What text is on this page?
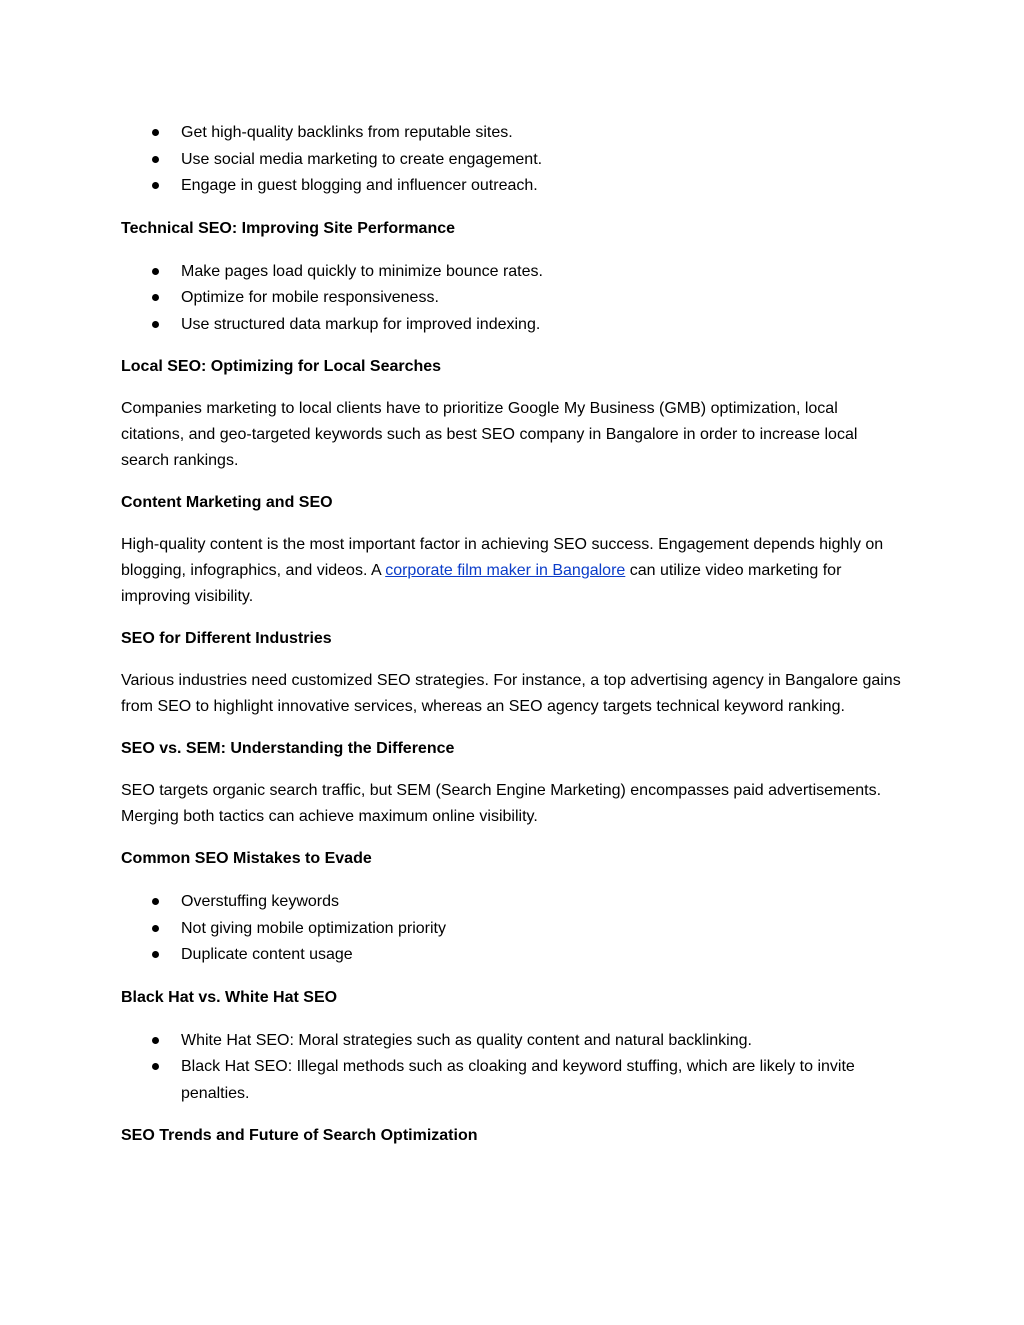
Get high-quality backlinks from reputable sites.
Use social media marketing to create engagement.
Engage in guest blogging and influencer outreach.

Technical SEO: Improving Site Performance

Make pages load quickly to minimize bounce rates.
Optimize for mobile responsiveness.
Use structured data markup for improved indexing.

Local SEO: Optimizing for Local Searches

Companies marketing to local clients have to prioritize Google My Business (GMB) optimization, local citations, and geo-targeted keywords such as best SEO company in Bangalore in order to increase local search rankings.

Content Marketing and SEO

High-quality content is the most important factor in achieving SEO success. Engagement depends highly on blogging, infographics, and videos. A corporate film maker in Bangalore can utilize video marketing for improving visibility.

SEO for Different Industries

Various industries need customized SEO strategies. For instance, a top advertising agency in Bangalore gains from SEO to highlight innovative services, whereas an SEO agency targets technical keyword ranking.

SEO vs. SEM: Understanding the Difference

SEO targets organic search traffic, but SEM (Search Engine Marketing) encompasses paid advertisements. Merging both tactics can achieve maximum online visibility.

Common SEO Mistakes to Evade

Overstuffing keywords
Not giving mobile optimization priority
Duplicate content usage

Black Hat vs. White Hat SEO

White Hat SEO: Moral strategies such as quality content and natural backlinking.
Black Hat SEO: Illegal methods such as cloaking and keyword stuffing, which are likely to invite penalties.

SEO Trends and Future of Search Optimization
